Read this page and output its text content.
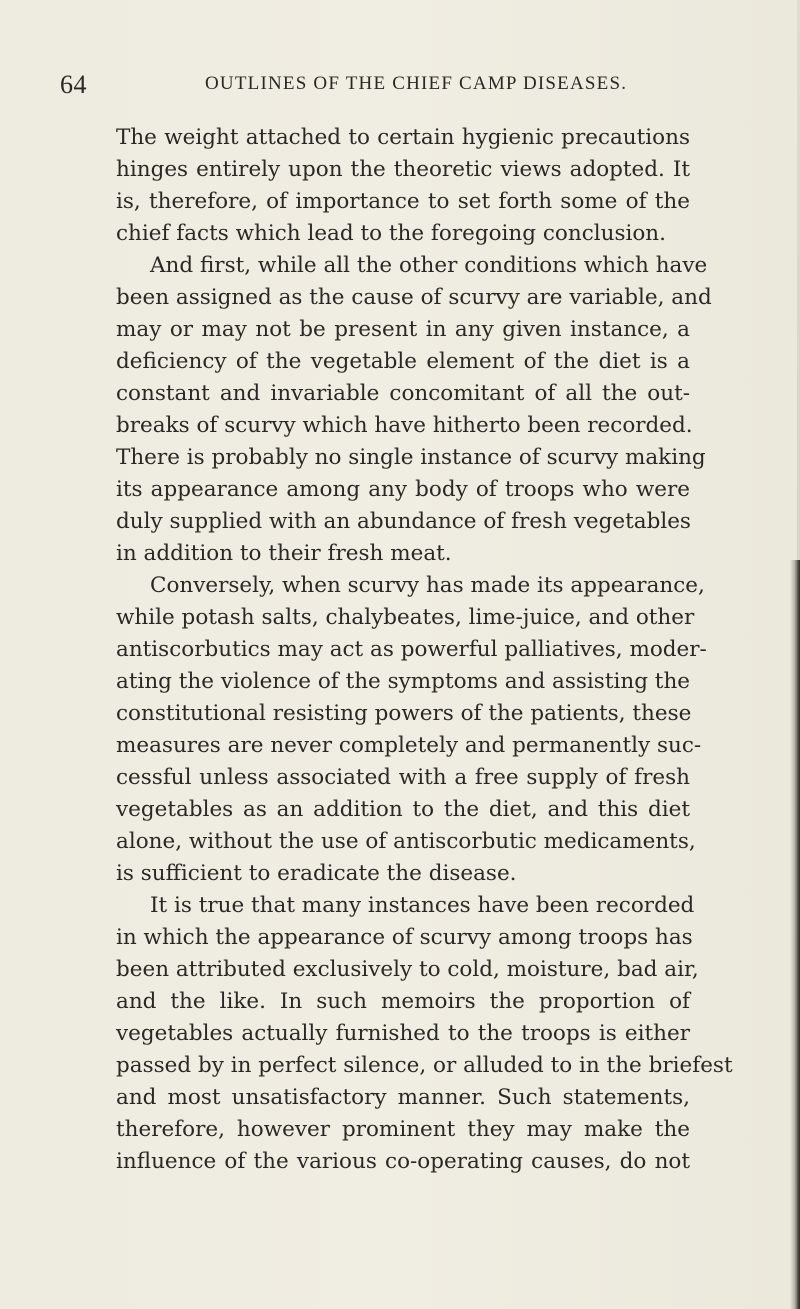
64	OUTLINES OF THE CHIEF CAMP DISEASES.
The weight attached to certain hygienic precautions
hinges entirely upon the theoretic views adopted. It
is, therefore, of importance to set forth some of the
chief facts which lead to the foregoing conclusion.
And first, while all the other conditions which have
been assigned as the cause of scurvy are variable, and
may or may not be present in any given instance, a
deficiency of the vegetable element of the diet is a
constant and invariable concomitant of all the out-
breaks of scurvy which have hitherto been recorded.
There is probably no single instance of scurvy making
its appearance among any body of troops who were
duly supplied with an abundance of fresh vegetables
in addition to their fresh meat.
Conversely, when scurvy has made its appearance,
while potash salts, chalybeates, lime-juice, and other
antiscorbutics may act as powerful palliatives, moder-
ating the violence of the symptoms and assisting the
constitutional resisting powers of the patients, these
measures are never completely and permanently suc-
cessful unless associated with a free supply of fresh
vegetables as an addition to the diet, and this diet
alone, without the use of antiscorbutic medicaments,
is sufficient to eradicate the disease.
It is true that many instances have been recorded
in which the appearance of scurvy among troops has
been attributed exclusively to cold, moisture, bad air,
and the like. In such memoirs the proportion of
vegetables actually furnished to the troops is either
passed by in perfect silence, or alluded to in the briefest
and most unsatisfactory manner. Such statements,
therefore, however prominent they may make the
influence of the various co-operating causes, do not
